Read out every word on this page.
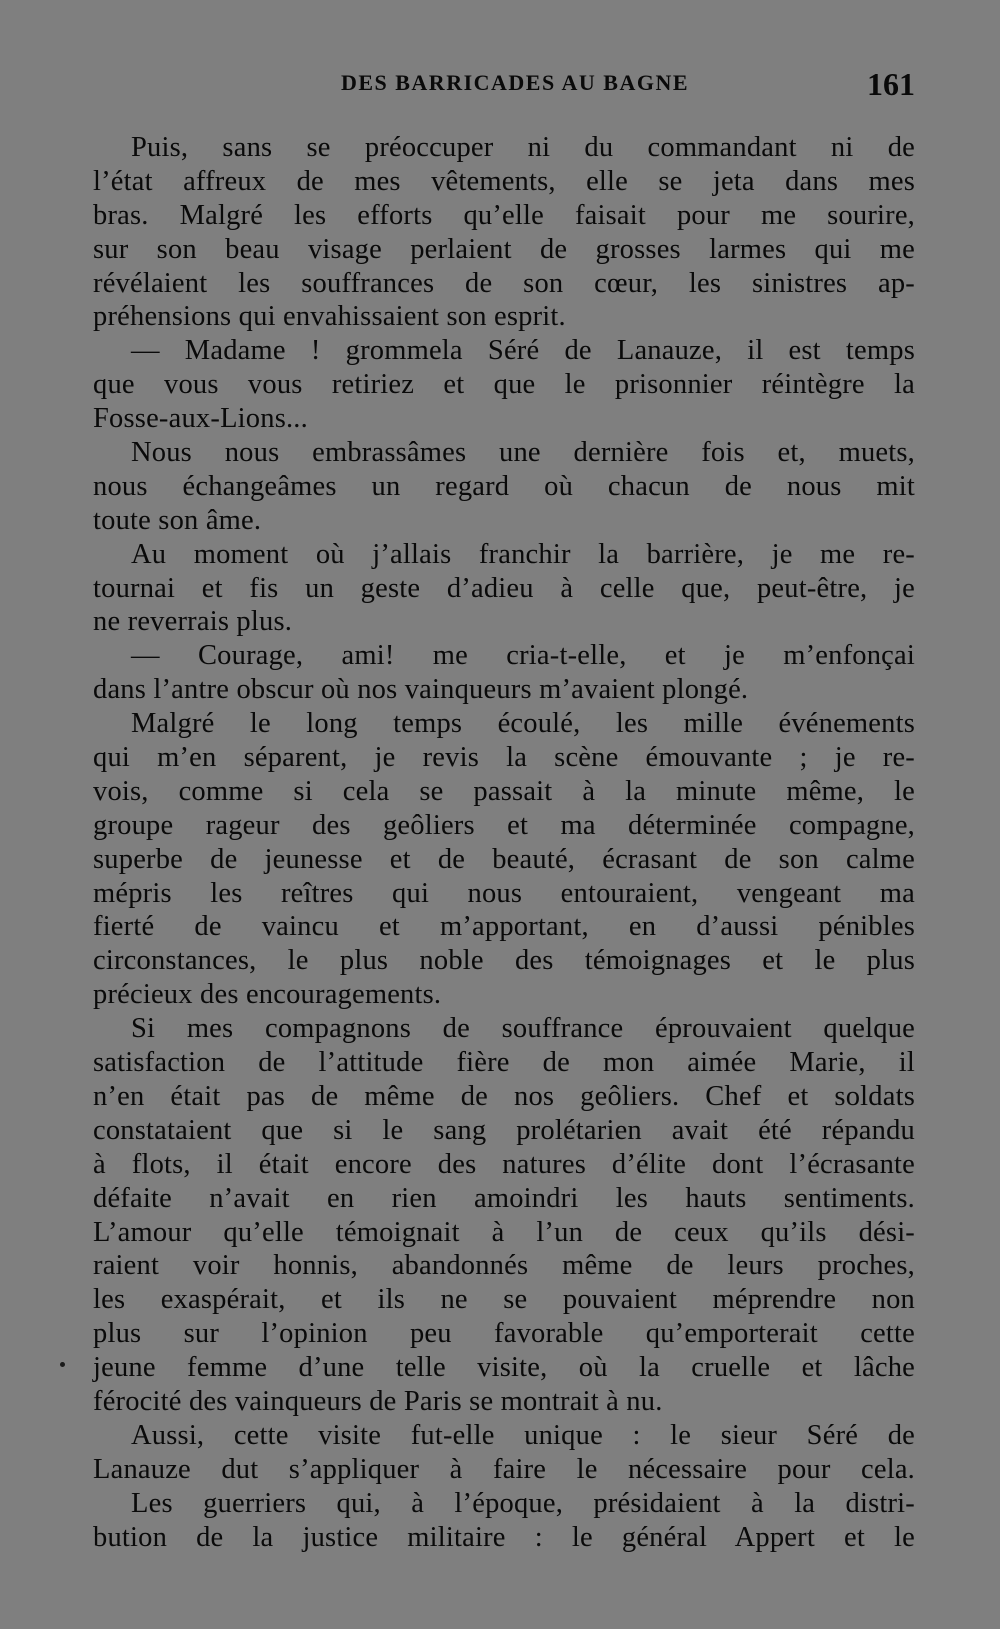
DES BARRICADES AU BAGNE	161
Puis, sans se préoccuper ni du commandant ni de
l’état affreux de mes vêtements, elle se jeta dans mes
bras. Malgré les efforts qu’elle faisait pour me sourire,
sur son beau visage perlaient de grosses larmes qui me
révélaient les souffrances de son cœur, les sinistres ap-
préhensions qui envahissaient son esprit.
— Madame ! grommela Séré de Lanauze, il est temps
que vous vous retiriez et que le prisonnier réintègre la
Fosse-aux-Lions...
Nous nous embrassâmes une dernière fois et, muets,
nous échangeâmes un regard où chacun de nous mit
toute son âme.
Au moment où j’allais franchir la barrière, je me re-
tournai et fis un geste d’adieu à celle que, peut-être, je
ne reverrais plus.
— Courage, ami! me cria-t-elle, et je m’enfonçai
dans l’antre obscur où nos vainqueurs m’avaient plongé.
Malgré le long temps écoulé, les mille événements
qui m’en séparent, je revis la scène émouvante ; je re-
vois, comme si cela se passait à la minute même, le
groupe rageur des geôliers et ma déterminée compagne,
superbe de jeunesse et de beauté, écrasant de son calme
mépris les reîtres qui nous entouraient, vengeant ma
fierté de vaincu et m’apportant, en d’aussi pénibles
circonstances, le plus noble des témoignages et le plus
précieux des encouragements.
Si mes compagnons de souffrance éprouvaient quelque
satisfaction de l’attitude fière de mon aimée Marie, il
n’en était pas de même de nos geôliers. Chef et soldats
constataient que si le sang prolétarien avait été répandu
à flots, il était encore des natures d’élite dont l’écrasante
défaite n’avait en rien amoindri les hauts sentiments.
L’amour qu’elle témoignait à l’un de ceux qu’ils dési-
raient voir honnis, abandonnés même de leurs proches,
les exaspérait, et ils ne se pouvaient méprendre non
plus sur l’opinion peu favorable qu’emporterait cette
jeune femme d’une telle visite, où la cruelle et lâche
férocité des vainqueurs de Paris se montrait à nu.
Aussi, cette visite fut-elle unique : le sieur Séré de
Lanauze dut s’appliquer à faire le nécessaire pour cela.
Les guerriers qui, à l’époque, présidaient à la distri-
bution de la justice militaire : le général Appert et le
